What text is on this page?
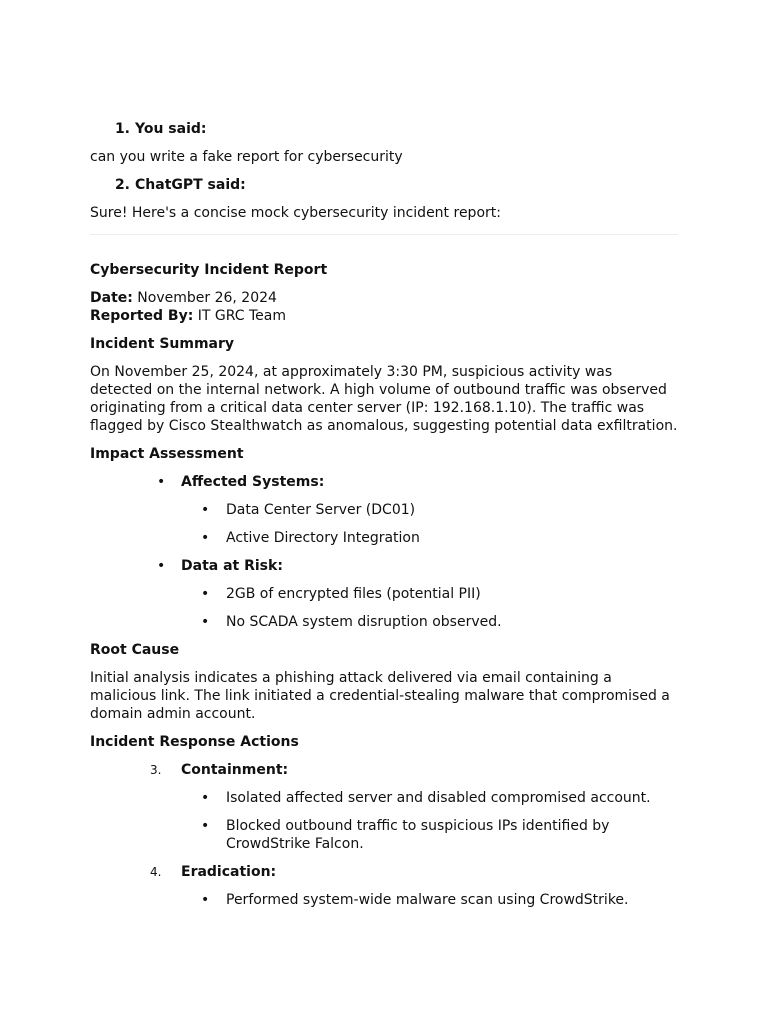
1. You said:

can you write a fake report for cybersecurity

2. ChatGPT said:

Sure! Here's a concise mock cybersecurity incident report:

Cybersecurity Incident Report

Date: November 26, 2024

Reported By: IT GRC Team

Incident Summary

On November 25, 2024, at approximately 3:30 PM, suspicious activity was detected on the internal network. A high volume of outbound traffic was observed originating from a critical data center server (IP: 192.168.1.10). The traffic was flagged by Cisco Stealthwatch as anomalous, suggesting potential data exfiltration.

Impact Assessment

• Affected Systems:
• Data Center Server (DC01)
• Active Directory Integration
• Data at Risk:
• 2GB of encrypted files (potential PII)
• No SCADA system disruption observed.

Root Cause

Initial analysis indicates a phishing attack delivered via email containing a malicious link. The link initiated a credential-stealing malware that compromised a domain admin account.

Incident Response Actions

3. Containment:
• Isolated affected server and disabled compromised account.
• Blocked outbound traffic to suspicious IPs identified by CrowdStrike Falcon.
4. Eradication:
• Performed system-wide malware scan using CrowdStrike.
